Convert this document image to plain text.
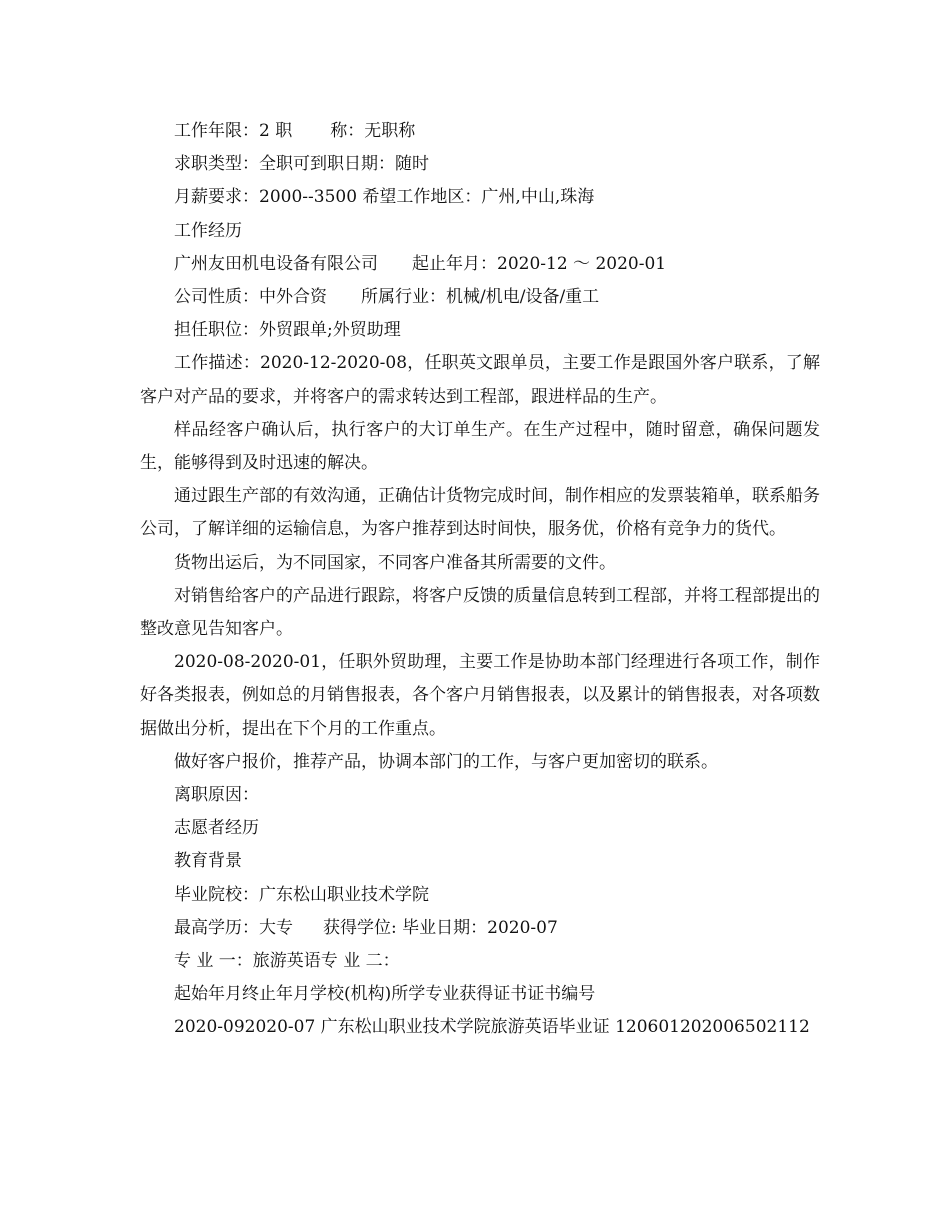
工作年限：2 职 称：无职称
求职类型：全职可到职日期：随时
月薪要求：2000--3500 希望工作地区：广州,中山,珠海
工作经历
广州友田机电设备有限公司 起止年月：2020-12 ～ 2020-01
公司性质：中外合资 所属行业：机械/机电/设备/重工
担任职位：外贸跟单;外贸助理
工作描述：2020-12-2020-08，任职英文跟单员，主要工作是跟国外客户联系，了解客户对产品的要求，并将客户的需求转达到工程部，跟进样品的生产。
样品经客户确认后，执行客户的大订单生产。在生产过程中，随时留意，确保问题发生，能够得到及时迅速的解决。
通过跟生产部的有效沟通，正确估计货物完成时间，制作相应的发票装箱单，联系船务公司，了解详细的运输信息，为客户推荐到达时间快，服务优，价格有竞争力的货代。
货物出运后，为不同国家，不同客户准备其所需要的文件。
对销售给客户的产品进行跟踪，将客户反馈的质量信息转到工程部，并将工程部提出的整改意见告知客户。
2020-08-2020-01，任职外贸助理，主要工作是协助本部门经理进行各项工作，制作好各类报表，例如总的月销售报表，各个客户月销售报表，以及累计的销售报表，对各项数据做出分析，提出在下个月的工作重点。
做好客户报价，推荐产品，协调本部门的工作，与客户更加密切的联系。
离职原因：
志愿者经历
教育背景
毕业院校：广东松山职业技术学院
最高学历：大专 获得学位: 毕业日期：2020-07
专 业 一：旅游英语专 业 二：
起始年月终止年月学校(机构)所学专业获得证书证书编号
2020-092020-07 广东松山职业技术学院旅游英语毕业证 120601202006502112
